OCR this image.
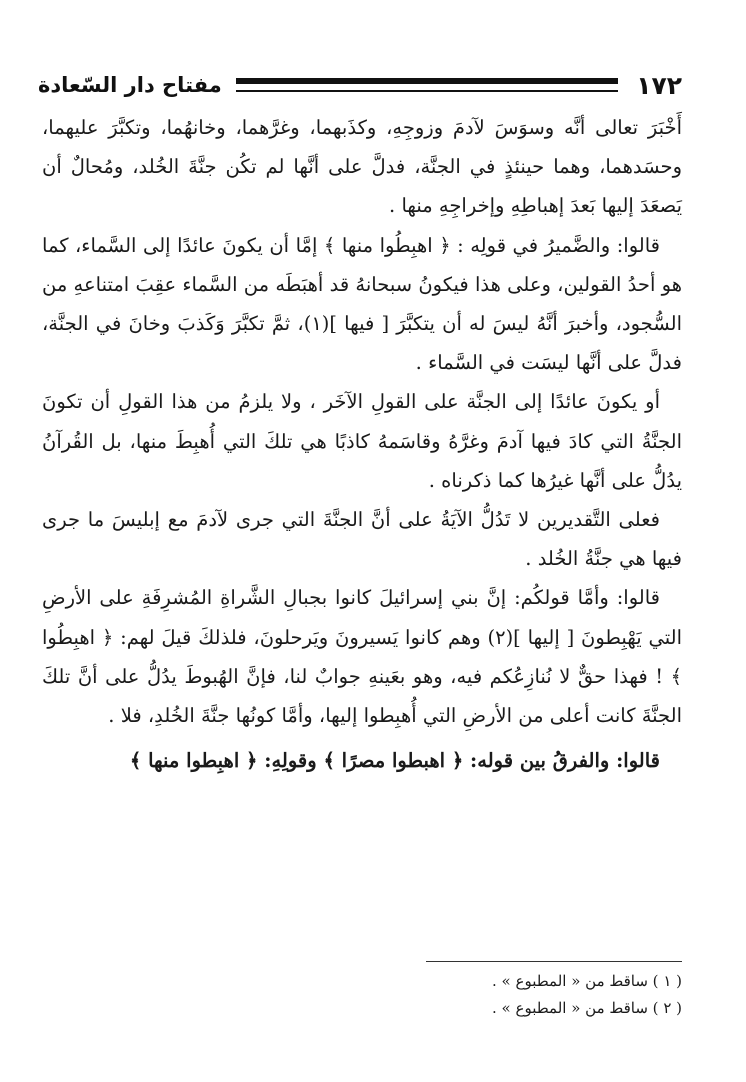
١٧٢
مفتاح دار السّعادة

أَخْبَرَ تعالى أنَّه وسوَسَ لآدمَ وزوجِهِ، وكذَبهما، وغرَّهما، وخانهُما، وتكبَّرَ عليهما، وحسَدهما، وهما حينئذٍ في الجنَّة، فدلَّ على أنَّها لم تكُن جنَّةَ الخُلد، ومُحالٌ أن يَصعَدَ إليها بَعدَ إهباطِهِ وإخراجِهِ منها .

قالوا: والضَّميرُ في قولِه : ﴿ اهبِطُوا منها ﴾ إمَّا أن يكونَ عائدًا إلى السَّماء، كما هو أحدُ القولين، وعلى هذا فيكونُ سبحانهُ قد أهبَطَه من السَّماء عقِبَ امتناعهِ من السُّجود، وأخبرَ أنَّهُ ليسَ له أن يتكبَّرَ [ فيها ](١)، ثمَّ تكبَّرَ وَكَذبَ وخانَ في الجنَّة، فدلَّ على أنَّها ليسَت في السَّماء .

أو يكونَ عائدًا إلى الجنَّة على القولِ الآخَر ، ولا يلزمُ من هذا القولِ أن تكونَ الجنَّةُ التي كادَ فيها آدمَ وغرَّهُ وقاسَمهُ كاذبًا هي تلكَ التي أُهبِطَ منها، بل القُرآنُ يدُلُّ على أنَّها غيرُها كما ذكرناه .

فعلى التَّقديرين لا تَدُلُّ الآيَةُ على أنَّ الجنَّةَ التي جرى لآدمَ مع إبليسَ ما جرى فيها هي جنَّةُ الخُلد .

قالوا: وأمَّا قولكُم: إنَّ بني إسرائيلَ كانوا بجبالِ الشَّراةِ المُشرِفَةِ على الأرضِ التي يَهْبِطونَ [ إليها ](٢) وهم كانوا يَسيرونَ ويَرحلونَ، فلذلكَ قيلَ لهم: ﴿ اهبِطُوا ﴾ ! فهذا حقٌّ لا نُنازِعُكم فيه، وهو بعَينهِ جوابٌ لنا، فإنَّ الهُبوطَ يدُلُّ على أنَّ تلكَ الجنَّةَ كانت أعلى من الأرضِ التي أُهبِطوا إليها، وأمَّا كونُها جنَّةَ الخُلدِ، فلا .

قالوا: والفرقُ بين قوله: ﴿ اهبطوا مصرًا ﴾ وقولِهِ: ﴿ اهبِطوا منها ﴾

( ١ ) ساقط من « المطبوع » .
( ٢ ) ساقط من « المطبوع » .
